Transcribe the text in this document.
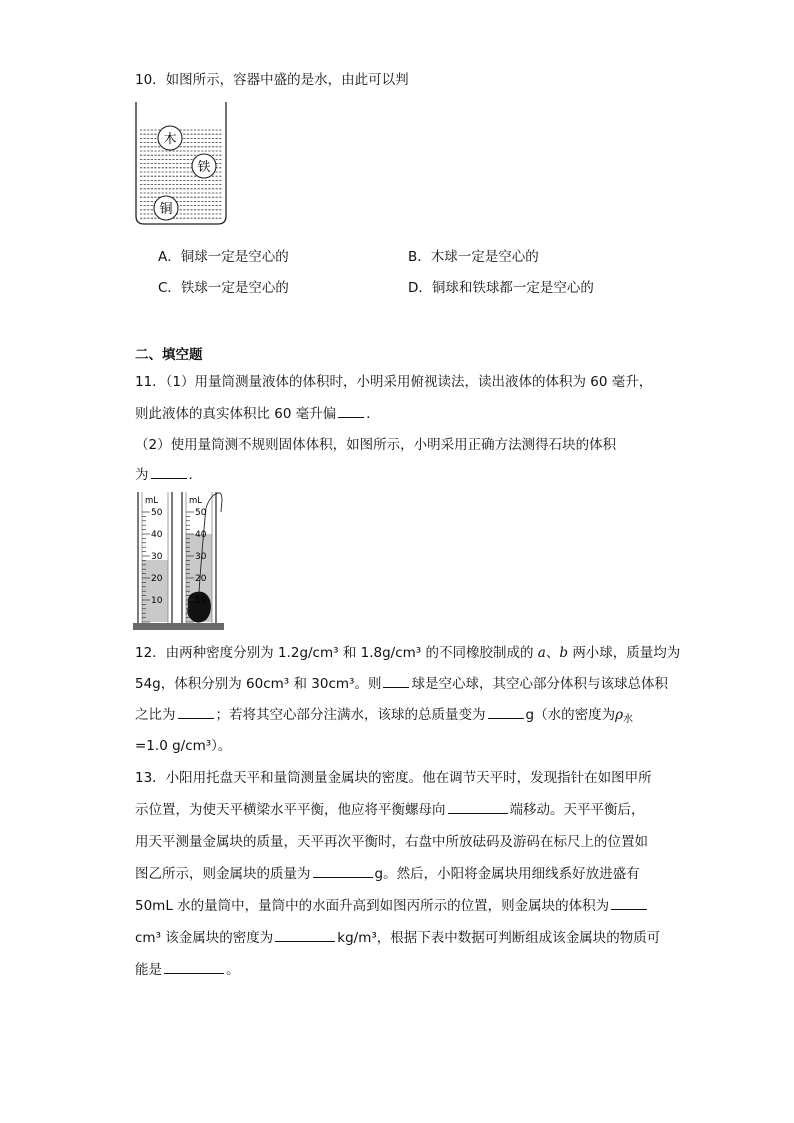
10．如图所示，容器中盛的是水，由此可以判
木
铁
铜
A．铜球一定是空心的	B．木球一定是空心的
C．铁球一定是空心的	D．铜球和铁球都一定是空心的
二、填空题
11．（1）用量筒测量液体的体积时，小明采用俯视读法，读出液体的体积为 60 毫升，
则此液体的真实体积比 60 毫升偏 ．
（2）使用量筒测不规则固体体积，如图所示，小明采用正确方法测得石块的体积
为	．
mL
50
40
30
20
10
mL
50
40
30
20
10
12．由两种密度分别为 1.2g/cm³ 和 1.8g/cm³ 的不同橡胶制成的 a、b 两小球，质量均为
54g，体积分别为 60cm³ 和 30cm³。则 球是空心球，其空心部分体积与该球总体积
之比为	；若将其空心部分注满水，该球的总质量变为	g（水的密度为$\rho_水$
=1.0 g/cm³）。
13．小阳用托盘天平和量筒测量金属块的密度。他在调节天平时，发现指针在如图甲所
示位置，为使天平横梁水平平衡，他应将平衡螺母向	端移动。天平平衡后，
用天平测量金属块的质量，天平再次平衡时，右盘中所放砝码及游码在标尺上的位置如
图乙所示，则金属块的质量为	g。然后，小阳将金属块用细线系好放进盛有
50mL 水的量筒中，量筒中的水面升高到如图丙所示的位置，则金属块的体积为
cm³ 该金属块的密度为	kg/m³，根据下表中数据可判断组成该金属块的物质可
能是	。
